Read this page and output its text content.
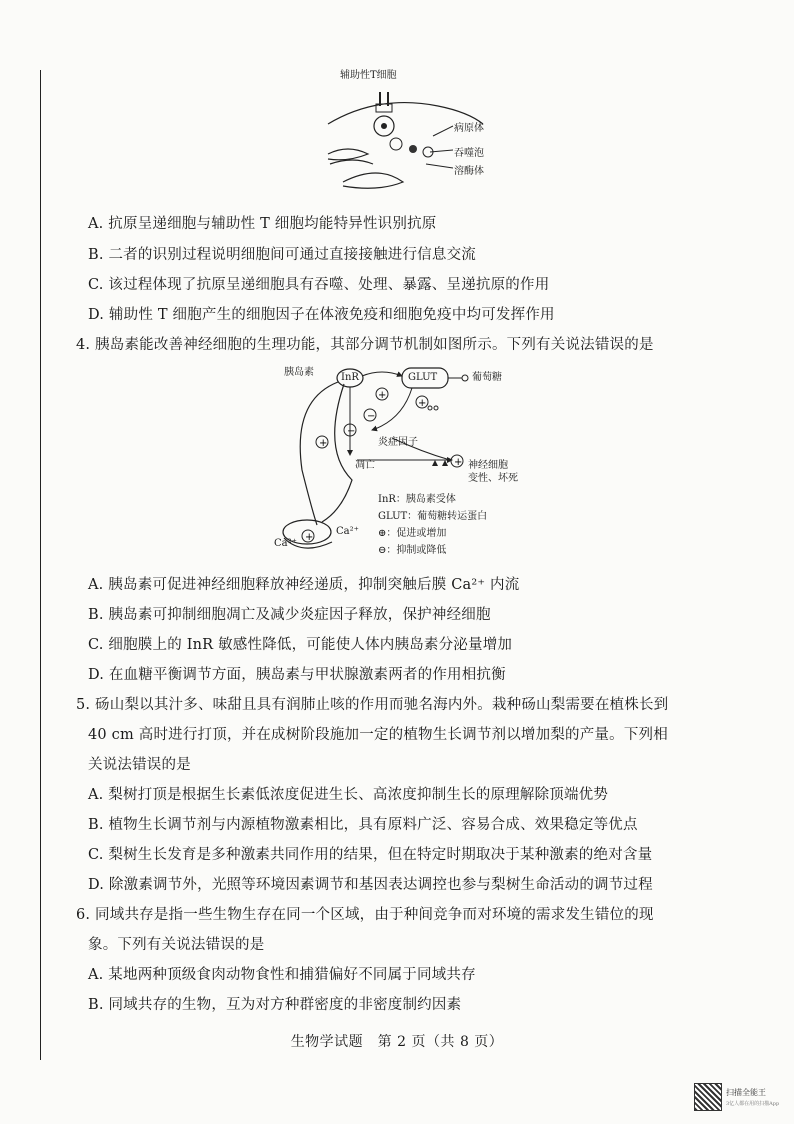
辅助性T细胞
病原体
吞噬泡
溶酶体
A. 抗原呈递细胞与辅助性 T 细胞均能特异性识别抗原
B. 二者的识别过程说明细胞间可通过直接接触进行信息交流
C. 该过程体现了抗原呈递细胞具有吞噬、处理、暴露、呈递抗原的作用
D. 辅助性 T 细胞产生的细胞因子在体液免疫和细胞免疫中均可发挥作用
4. 胰岛素能改善神经细胞的生理功能，其部分调节机制如图所示。下列有关说法错误的是
+
−
+
−
+
+
+
胰岛素	InR	GLUT	葡萄糖
炎症因子
凋亡	神经细胞
变性、坏死
Ca²⁺
Ca²⁺
InR：胰岛素受体
GLUT：葡萄糖转运蛋白
⊕：促进或增加
⊖：抑制或降低
A. 胰岛素可促进神经细胞释放神经递质，抑制突触后膜 Ca²⁺ 内流
B. 胰岛素可抑制细胞凋亡及减少炎症因子释放，保护神经细胞
C. 细胞膜上的 InR 敏感性降低，可能使人体内胰岛素分泌量增加
D. 在血糖平衡调节方面，胰岛素与甲状腺激素两者的作用相抗衡
5. 砀山梨以其汁多、味甜且具有润肺止咳的作用而驰名海内外。栽种砀山梨需要在植株长到
40 cm 高时进行打顶，并在成树阶段施加一定的植物生长调节剂以增加梨的产量。下列相
关说法错误的是
A. 梨树打顶是根据生长素低浓度促进生长、高浓度抑制生长的原理解除顶端优势
B. 植物生长调节剂与内源植物激素相比，具有原料广泛、容易合成、效果稳定等优点
C. 梨树生长发育是多种激素共同作用的结果，但在特定时期取决于某种激素的绝对含量
D. 除激素调节外，光照等环境因素调节和基因表达调控也参与梨树生命活动的调节过程
6. 同域共存是指一些生物生存在同一个区域，由于种间竞争而对环境的需求发生错位的现
象。下列有关说法错误的是
A. 某地两种顶级食肉动物食性和捕猎偏好不同属于同域共存
B. 同域共存的生物，互为对方种群密度的非密度制约因素
生物学试题　第 2 页（共 8 页）
扫描全能王
3亿人都在用的扫描App
